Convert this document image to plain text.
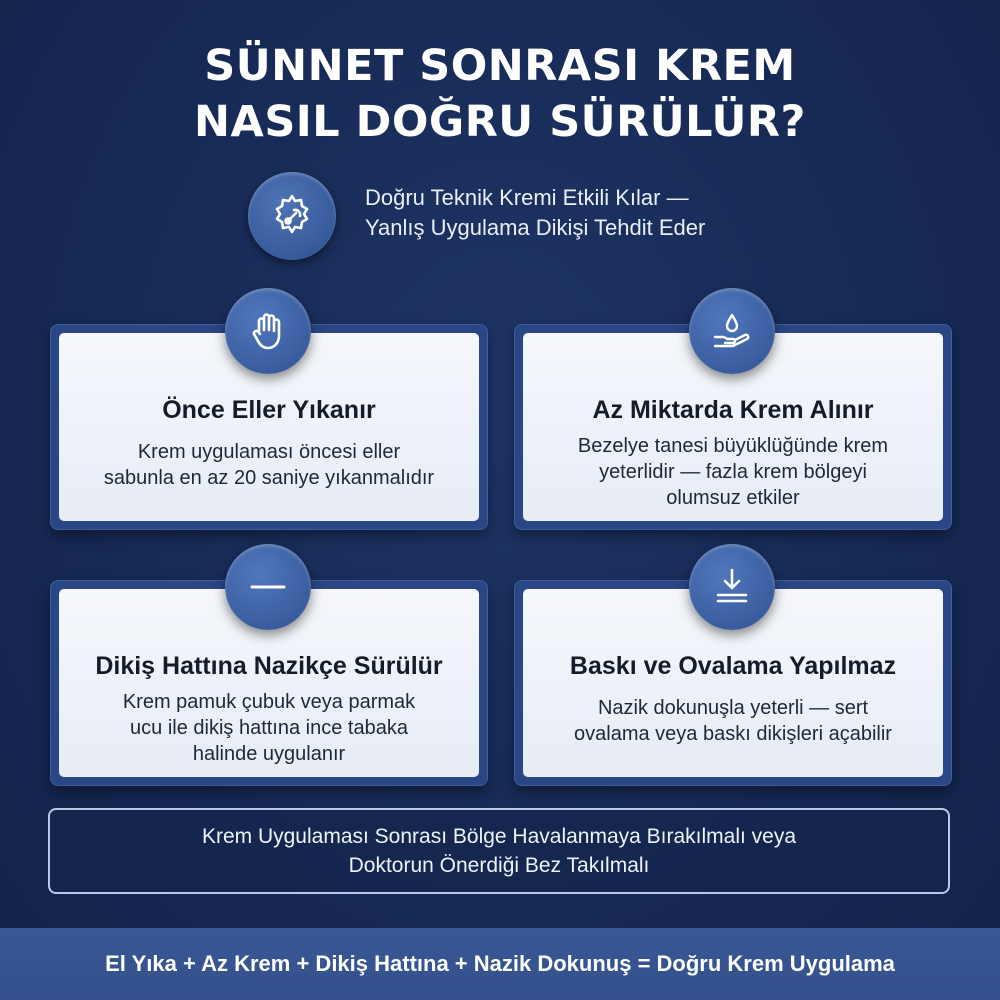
SÜNNET SONRASI KREM
NASIL DOĞRU SÜRÜLÜR?
Doğru Teknik Kremi Etkili Kılar —
Yanlış Uygulama Dikişi Tehdit Eder
Önce Eller Yıkanır
Krem uygulaması öncesi eller
sabunla en az 20 saniye yıkanmalıdır
Az Miktarda Krem Alınır
Bezelye tanesi büyüklüğünde krem
yeterlidir — fazla krem bölgeyi
olumsuz etkiler
Dikiş Hattına Nazikçe Sürülür
Krem pamuk çubuk veya parmak
ucu ile dikiş hattına ince tabaka
halinde uygulanır
Baskı ve Ovalama Yapılmaz
Nazik dokunuşla yeterli — sert
ovalama veya baskı dikişleri açabilir
Krem Uygulaması Sonrası Bölge Havalanmaya Bırakılmalı veya
Doktorun Önerdiği Bez Takılmalı
El Yıka + Az Krem + Dikiş Hattına + Nazik Dokunuş = Doğru Krem Uygulama
